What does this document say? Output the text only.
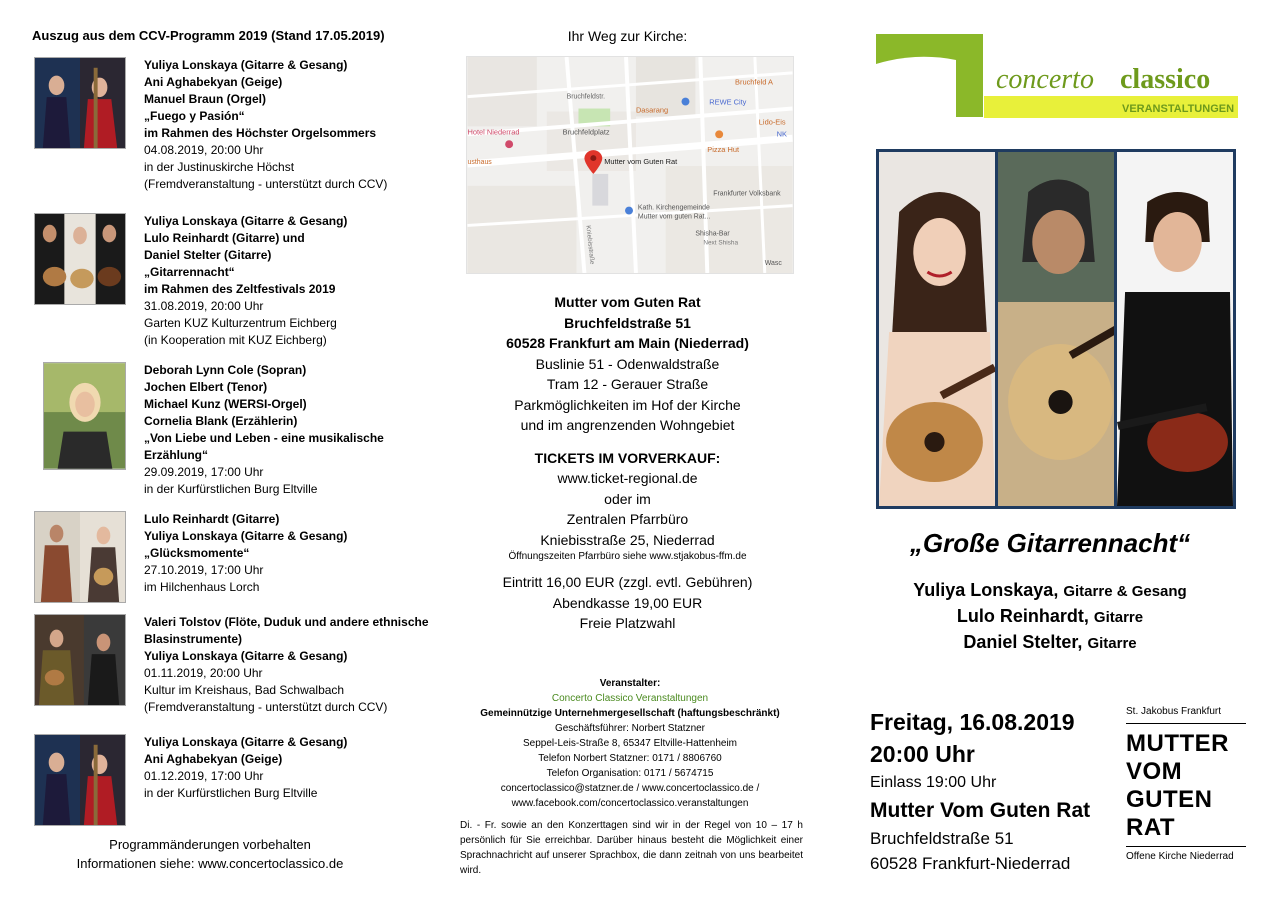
Auszug aus dem CCV-Programm 2019 (Stand 17.05.2019)
Yuliya Lonskaya (Gitarre & Gesang)
Ani Aghabekyan (Geige)
Manuel Braun (Orgel)
„Fuego y Pasión“
im Rahmen des Höchster Orgelsommers
04.08.2019, 20:00 Uhr
in der Justinuskirche Höchst
(Fremdveranstaltung - unterstützt durch CCV)
Yuliya Lonskaya (Gitarre & Gesang)
Lulo Reinhardt (Gitarre) und
Daniel Stelter (Gitarre)
„Gitarrennacht“
im Rahmen des Zeltfestivals 2019
31.08.2019, 20:00 Uhr
Garten KUZ Kulturzentrum Eichberg
(in Kooperation mit KUZ Eichberg)
Deborah Lynn Cole (Sopran)
Jochen Elbert (Tenor)
Michael Kunz (WERSI-Orgel)
Cornelia Blank (Erzählerin)
„Von Liebe und Leben - eine musikalische Erzählung“
29.09.2019, 17:00 Uhr
in der Kurfürstlichen Burg Eltville
Lulo Reinhardt (Gitarre)
Yuliya Lonskaya (Gitarre & Gesang)
„Glücksmomente“
27.10.2019, 17:00 Uhr
im Hilchenhaus Lorch
Valeri Tolstov (Flöte, Duduk und andere ethnische Blasinstrumente)
Yuliya Lonskaya (Gitarre & Gesang)
01.11.2019, 20:00 Uhr
Kultur im Kreishaus, Bad Schwalbach
(Fremdveranstaltung - unterstützt durch CCV)
Yuliya Lonskaya (Gitarre & Gesang)
Ani Aghabekyan (Geige)
01.12.2019, 17:00 Uhr
in der Kurfürstlichen Burg Eltville
Programmänderungen vorbehalten
Informationen siehe: www.concertoclassico.de
Ihr Weg zur Kirche:
Bruchfeld A
Bruchfeldstr.
REWE City
Dasarang
Lido-Eis
NK
Hotel Niederrad	Bruchfeldplatz
Pizza Hut
Mutter vom Guten Rat
Frankfurter Volksbank
Kath. Kirchengemeinde
Mutter vom guten Rat...
Shisha-Bar
Next Shisha
Wasc
usthaus
Kniebisstraße
Mutter vom Guten Rat
Bruchfeldstraße 51
60528 Frankfurt am Main (Niederrad)
Buslinie 51 - Odenwaldstraße
Tram 12 - Gerauer Straße
Parkmöglichkeiten im Hof der Kirche
und im angrenzenden Wohngebiet
TICKETS IM VORVERKAUF:
www.ticket-regional.de
oder im
Zentralen Pfarrbüro
Kniebisstraße 25, Niederrad
Öffnungszeiten Pfarrbüro siehe www.stjakobus-ffm.de
Eintritt 16,00 EUR (zzgl. evtl. Gebühren)
Abendkasse 19,00 EUR
Freie Platzwahl
Veranstalter:
Concerto Classico Veranstaltungen
Gemeinnützige Unternehmergesellschaft (haftungsbeschränkt)
Geschäftsführer: Norbert Statzner
Seppel-Leis-Straße 8, 65347 Eltville-Hattenheim
Telefon Norbert Statzner: 0171 / 8806760
Telefon Organisation: 0171 / 5674715
concertoclassico@statzner.de / www.concertoclassico.de /
www.facebook.com/concertoclassico.veranstaltungen
Di. - Fr. sowie an den Konzerttagen sind wir in der Regel von 10 – 17 h persönlich für Sie erreichbar. Darüber hinaus besteht die Möglichkeit einer Sprachnachricht auf unserer Sprachbox, die dann zeitnah von uns bearbeitet wird.
concerto classico
VERANSTALTUNGEN
„Große Gitarrennacht“
Yuliya Lonskaya, Gitarre & Gesang
Lulo Reinhardt, Gitarre
Daniel Stelter, Gitarre
Freitag, 16.08.2019
20:00 Uhr
Einlass 19:00 Uhr
Mutter Vom Guten Rat
Bruchfeldstraße 51
60528 Frankfurt-Niederrad
St. Jakobus Frankfurt
MUTTER
VOM
GUTEN
RAT
Offene Kirche Niederrad
